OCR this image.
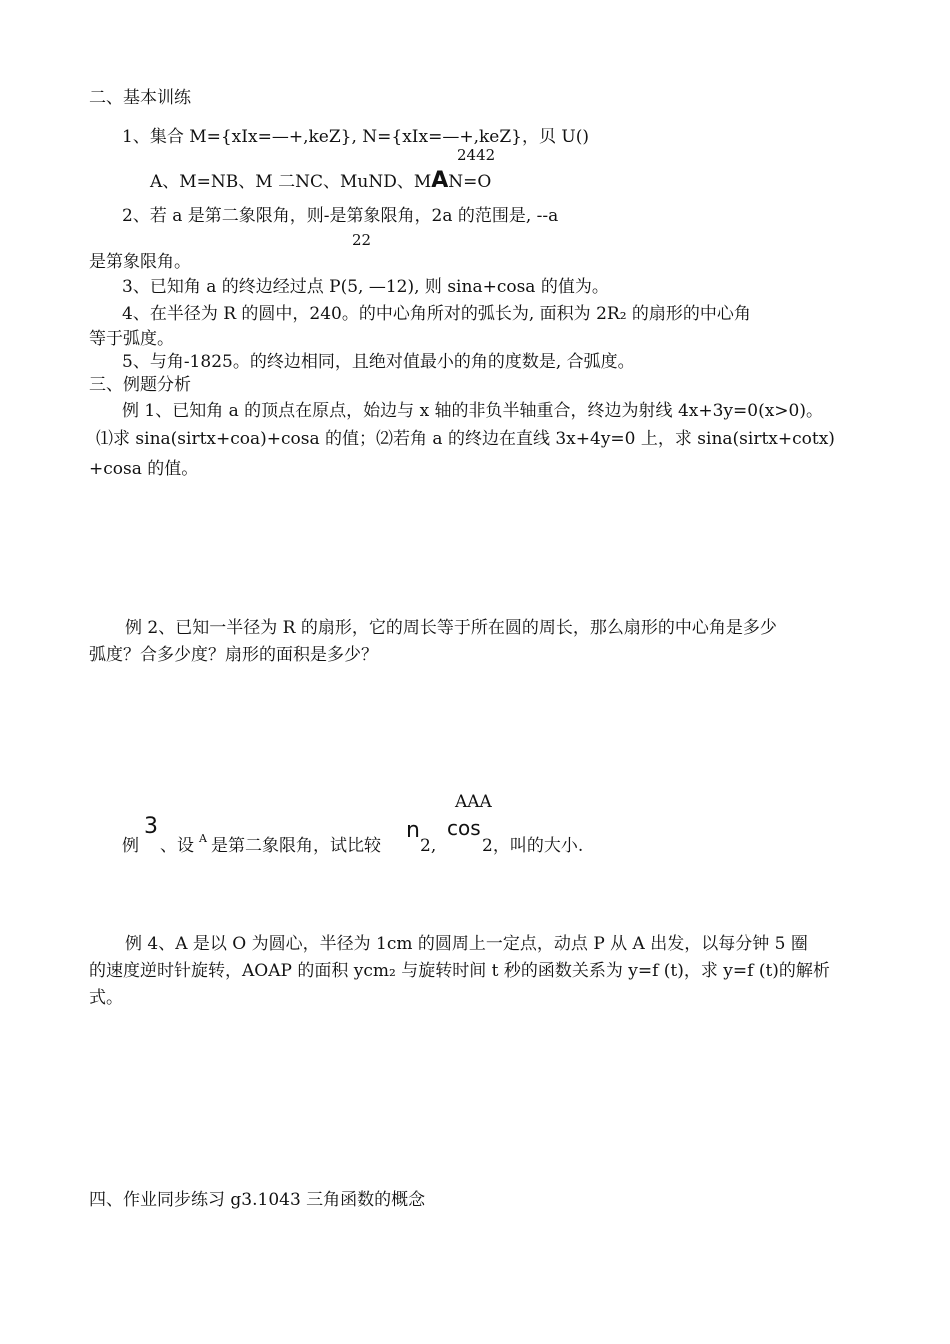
二、基本训练
1、集合 M={xIx=—+,keZ}, N={xIx=—+,keZ}，贝 U()
2442
A、M=NB、M 二NC、MuND、MAN=O
2、若 a 是第二象限角，则-是第象限角，2a 的范围是, --a
22
是第象限角。
3、已知角 a 的终边经过点 P(5, —12), 则 sina+cosa 的值为。
4、在半径为 R 的圆中，240。的中心角所对的弧长为, 面积为 2R₂ 的扇形的中心角
等于弧度。
5、与角-1825。的终边相同，且绝对值最小的角的度数是, 合弧度。
三、例题分析
例 1、已知角 a 的顶点在原点，始边与 x 轴的非负半轴重合，终边为射线 4x+3y=0(x>0)。
⑴求 sina(sirtx+coa)+cosa 的值；⑵若角 a 的终边在直线 3x+4y=0 上，求 sina(sirtx+cotx)
+cosa 的值。
例 2、已知一半径为 R 的扇形，它的周长等于所在圆的周长，那么扇形的中心角是多少
弧度？合多少度？扇形的面积是多少？
AAA
3	n cos
例 、设 A 是第二象限角，试比较 2,	2，叫的大小.
例 4、A 是以 O 为圆心，半径为 1cm 的圆周上一定点，动点 P 从 A 出发，以每分钟 5 圈
的速度逆时针旋转，AOAP 的面积 ycm₂ 与旋转时间 t 秒的函数关系为 y=f (t)，求 y=f (t)的解析
式。
四、作业同步练习 g3.1043 三角函数的概念
